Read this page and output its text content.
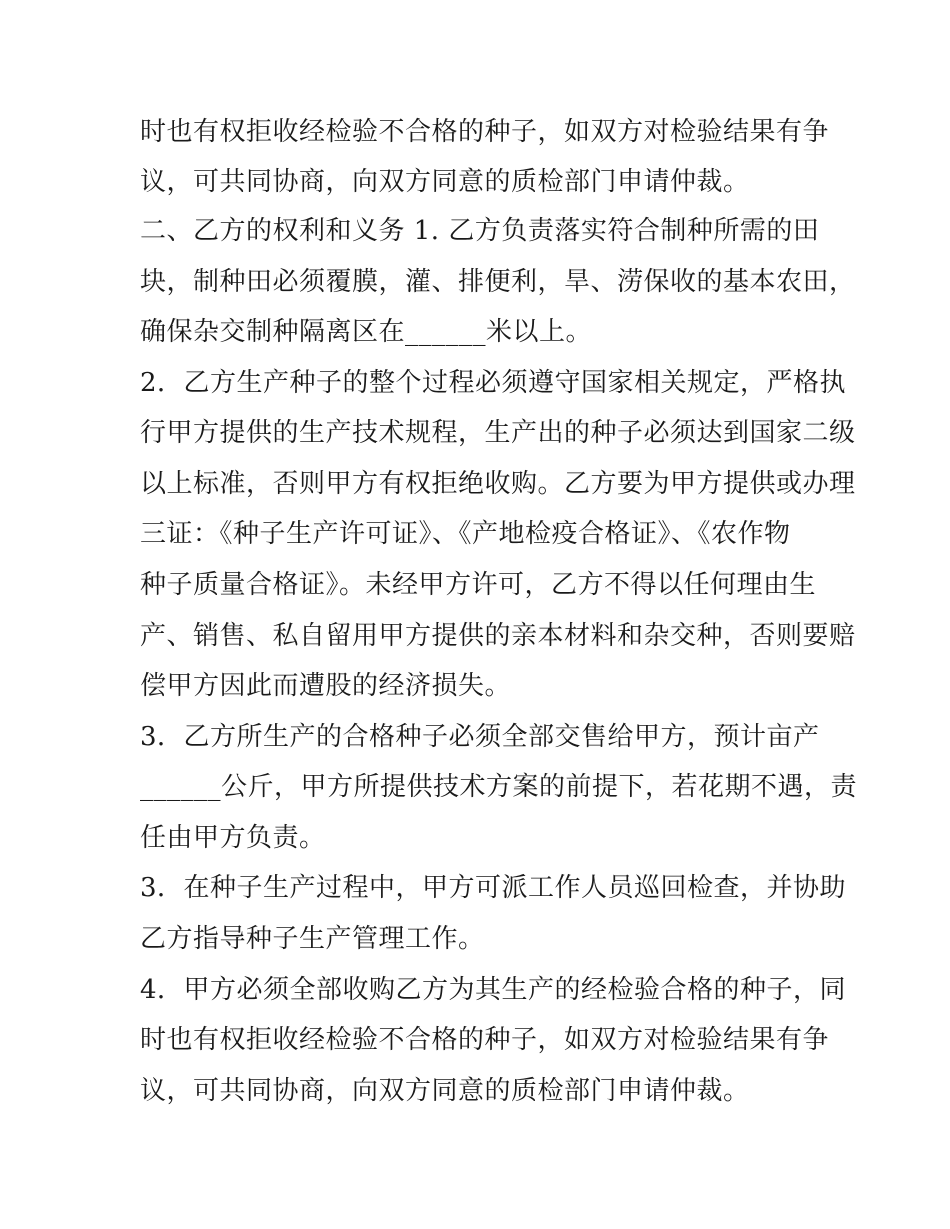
时也有权拒收经检验不合格的种子，如双方对检验结果有争

议，可共同协商，向双方同意的质检部门申请仲裁。

二、乙方的权利和义务 1. 乙方负责落实符合制种所需的田

块，制种田必须覆膜，灌、排便利，旱、涝保收的基本农田，

确保杂交制种隔离区在______米以上。

2．乙方生产种子的整个过程必须遵守国家相关规定，严格执

行甲方提供的生产技术规程，生产出的种子必须达到国家二级

以上标准，否则甲方有权拒绝收购。乙方要为甲方提供或办理

三证：《种子生产许可证》、《产地检疫合格证》、《农作物

种子质量合格证》。未经甲方许可，乙方不得以任何理由生

产、销售、私自留用甲方提供的亲本材料和杂交种，否则要赔

偿甲方因此而遭股的经济损失。

3．乙方所生产的合格种子必须全部交售给甲方，预计亩产

______公斤，甲方所提供技术方案的前提下，若花期不遇，责

任由甲方负责。

3．在种子生产过程中，甲方可派工作人员巡回检查，并协助

乙方指导种子生产管理工作。

4．甲方必须全部收购乙方为其生产的经检验合格的种子，同

时也有权拒收经检验不合格的种子，如双方对检验结果有争

议，可共同协商，向双方同意的质检部门申请仲裁。
